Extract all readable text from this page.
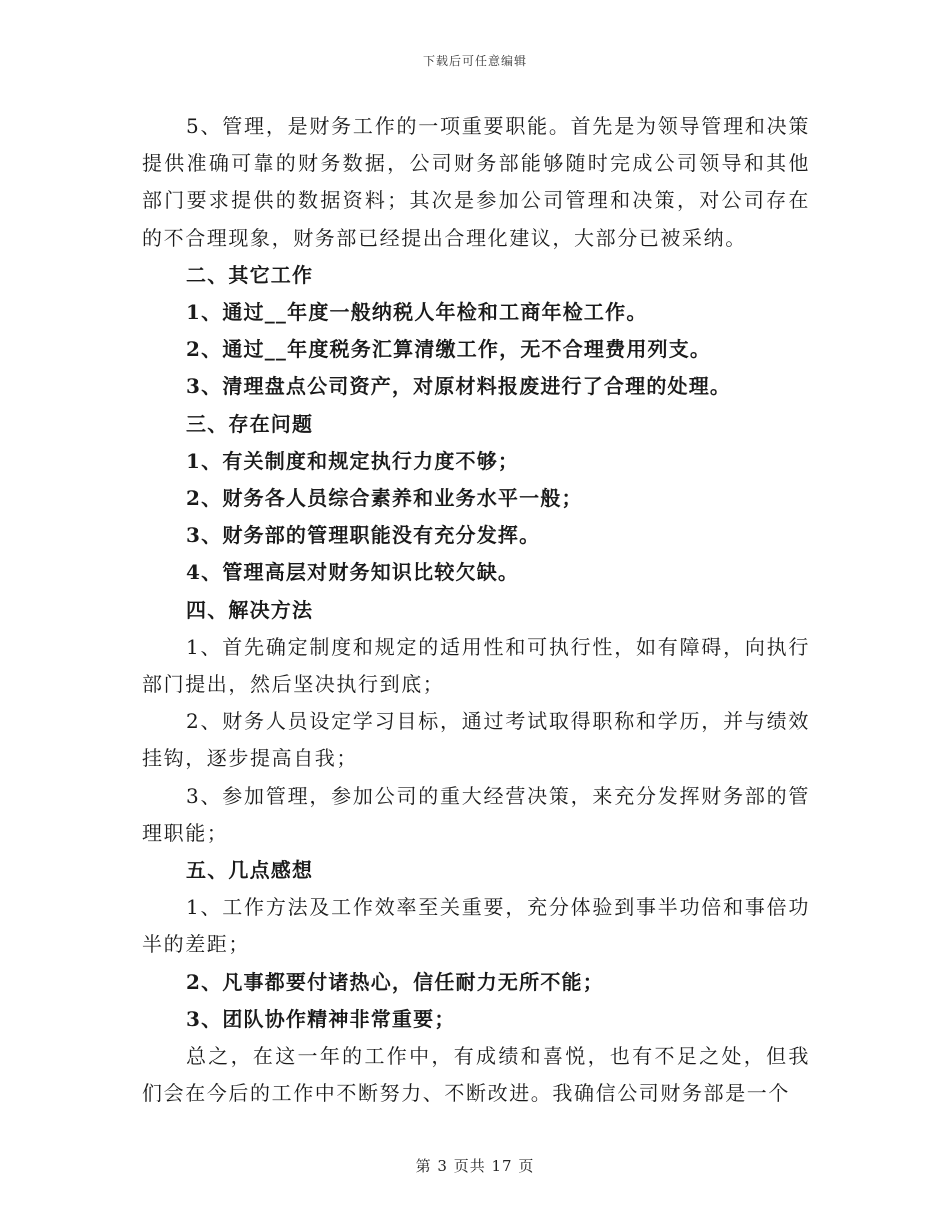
下载后可任意编辑

5、管理，是财务工作的一项重要职能。首先是为领导管理和决策提供准确可靠的财务数据，公司财务部能够随时完成公司领导和其他部门要求提供的数据资料；其次是参加公司管理和决策，对公司存在的不合理现象，财务部已经提出合理化建议，大部分已被采纳。

二、其它工作

1、通过__年度一般纳税人年检和工商年检工作。

2、通过__年度税务汇算清缴工作，无不合理费用列支。

3、清理盘点公司资产，对原材料报废进行了合理的处理。

三、存在问题

1、有关制度和规定执行力度不够；

2、财务各人员综合素养和业务水平一般；

3、财务部的管理职能没有充分发挥。

4、管理高层对财务知识比较欠缺。

四、解决方法

1、首先确定制度和规定的适用性和可执行性，如有障碍，向执行部门提出，然后坚决执行到底；

2、财务人员设定学习目标，通过考试取得职称和学历，并与绩效挂钩，逐步提高自我；

3、参加管理，参加公司的重大经营决策，来充分发挥财务部的管理职能；

五、几点感想

1、工作方法及工作效率至关重要，充分体验到事半功倍和事倍功半的差距；

2、凡事都要付诸热心，信任耐力无所不能；

3、团队协作精神非常重要；

总之，在这一年的工作中，有成绩和喜悦，也有不足之处，但我们会在今后的工作中不断努力、不断改进。我确信公司财务部是一个

第 3 页共 17 页
